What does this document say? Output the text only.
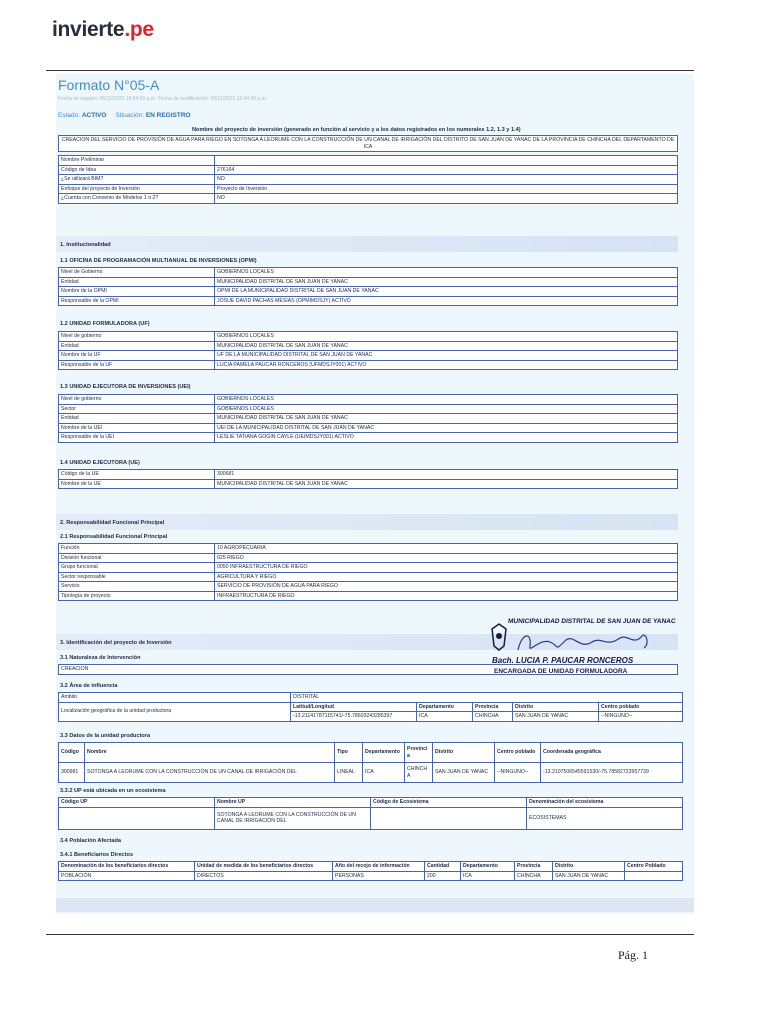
invierte.pe
Formato N°05-A
Fecha de registro: 06/11/2023 18:54:00 p.m. Fecha de modificación: 09/11/2023 12:44:45 p.m.
Estado: ACTIVO Situación: EN REGISTRO
Nombre del proyecto de inversión (generado en función al servicio y a los datos registrados en los numerales 1.2, 1.3 y 1.4)
CREACION DEL SERVICIO DE PROVISIÓN DE AGUA PARA RIEGO EN SOTONGA A LEORUME CON LA CONSTRUCCIÓN DE UN CANAL DE IRRIGACIÓN DEL DISTRITO DE SAN JUAN DE YANAC DE LA PROVINCIA DE CHINCHA DEL DEPARTAMENTO DE ICA
Nombre Preliminar	
Código de Idea	276164
¿Se utilizará BIM?	NO
Enfoque del proyecto de Inversión	Proyecto de Inversión
¿Cuenta con Convenio de Modelos 1 o 2?	NO
1. Institucionalidad
1.1 OFICINA DE PROGRAMACIÓN MULTIANUAL DE INVERSIONES (OPMI)
Nivel de Gobierno	GOBIERNOS LOCALES
Entidad	MUNICIPALIDAD DISTRITAL DE SAN JUAN DE YANAC
Nombre de la OPMI	OPMI DE LA MUNICIPALIDAD DISTRITAL DE SAN JUAN DE YANAC
Responsable de la OPMI	JOSUE DAVID PACHAS MESIAS (OPMIMDSJY) ACTIVO
1.2 UNIDAD FORMULADORA (UF)
Nivel de gobierno	GOBIERNOS LOCALES
Entidad	MUNICIPALIDAD DISTRITAL DE SAN JUAN DE YANAC
Nombre de la UF	UF DE LA MUNICIPALIDAD DISTRITAL DE SAN JUAN DE YANAC
Responsable de la UF	LUCIA PAMELA PAUCAR RONCEROS (UFMDSJY001) ACTIVO
1.3 UNIDAD EJECUTORA DE INVERSIONES (UEI)
Nivel de gobierno	GOBIERNOS LOCALES
Sector	GOBIERNOS LOCALES
Entidad	MUNICIPALIDAD DISTRITAL DE SAN JUAN DE YANAC
Nombre de la UEI	UEI DE LA MUNICIPALIDAD DISTRITAL DE SAN JUAN DE YANAC
Responsable de la UEI	LESLIE TATIANA GOGIN CAYLE (UEIMDSJY001) ACTIVO
1.4 UNIDAD EJECUTORA (UE)
Código de la UE	300681
Nombre de la UE	MUNICIPALIDAD DISTRITAL DE SAN JUAN DE YANAC
2. Responsabilidad Funcional Principal
2.1 Responsabilidad Funcional Principal
Función	10 AGROPECUARIA
División funcional	025 RIEGO
Grupo funcional	0050 INFRAESTRUCTURA DE RIEGO
Sector responsable	AGRICULTURA Y RIEGO
Servicio	SERVICIO DE PROVISIÓN DE AGUA PARA RIEGO
Tipología de proyecto	INFRAESTRUCTURA DE RIEGO
3. Identificación del proyecto de Inversión
3.1 Naturaleza de Intervención
CREACION
3.2 Área de influencia
Ambito	DISTRITAL				
Localización geográfica de la unidad productora	Latitud/Longitud	Departamento	Provincia	Distrito	Centro poblado
	-13.21141787115741/-75.78603243285397	ICA	CHINCHA	SAN JUAN DE YANAC	--NINGUNO--
3.3 Datos de la unidad productora
Código	Nombre	Tipo	Departamento	Provincia	Distrito	Centro poblado	Coordenada geográfica
300981	SOTONGA A LEORUME CON LA CONSTRUCCIÓN DE UN CANAL DE IRRIGACIÓN DEL	LINEAL	ICA	CHINCHA	SAN JUAN DE YANAC	--NINGUNO--	-13.2107506545591530/-75.78582723957739
3.3.2 UP está ubicada en un ecosistema
Código UP	Nombre UP	Código de Ecosistema	Denominación del ecosistema
	SOTONGA A LEORUME CON LA CONSTRUCCIÓN DE UN CANAL DE IRRIGACIÓN DEL		ECOSISTEMAS
3.4 Población Afectada
3.4.1 Beneficiarios Directos
Denominación de los beneficiarios directos	Unidad de medida de los beneficiarios directos	Año del recojo de información	Cantidad	Departamento	Provincia	Distrito	Centro Poblado
POBLACIÓN	DIRECTOS	PERSONAS	200	ICA	CHINCHA	SAN JUAN DE YANAC	
MUNICIPALIDAD DISTRITAL DE SAN JUAN DE YANAC
Bach. LUCIA P. PAUCAR RONCEROS
ENCARGADA DE UNIDAD FORMULADORA
Pág. 1
